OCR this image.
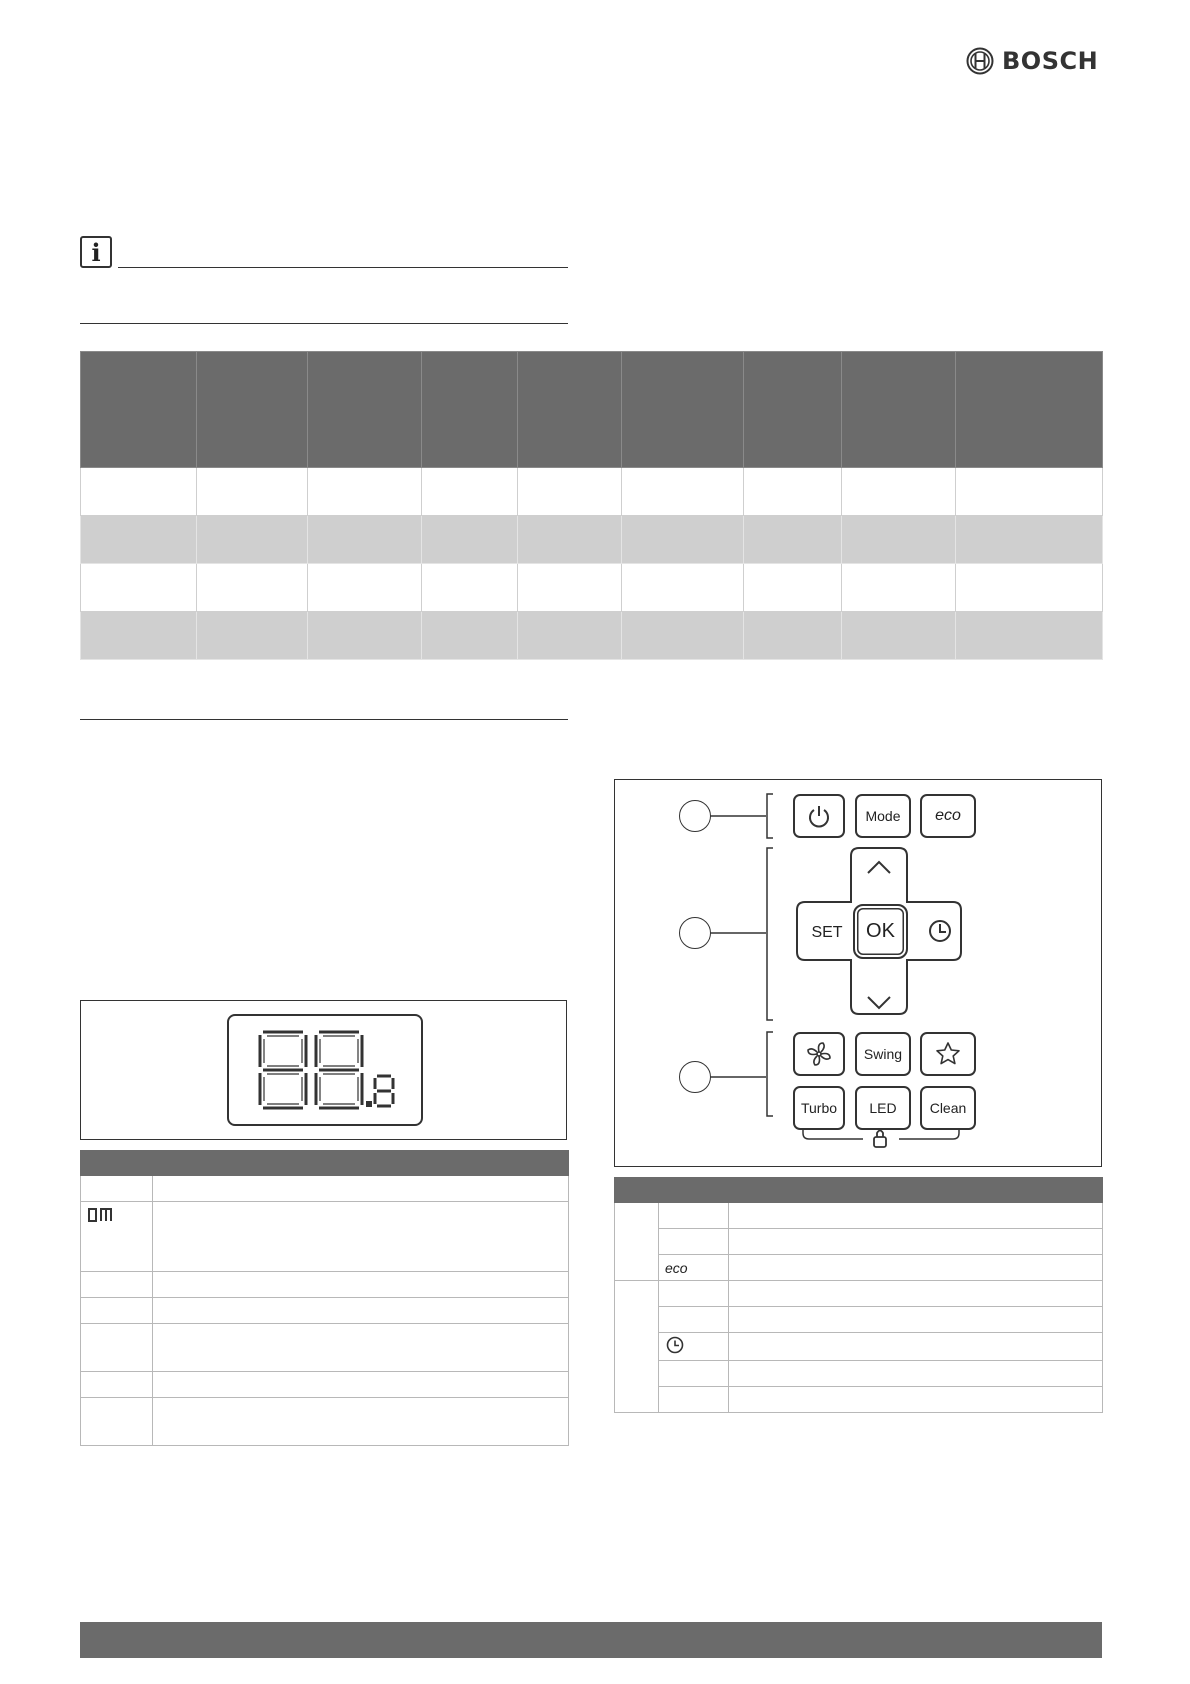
BOSCH
i

Mode eco
SET OK
Swing
Turbo LED Clean

	eco	
